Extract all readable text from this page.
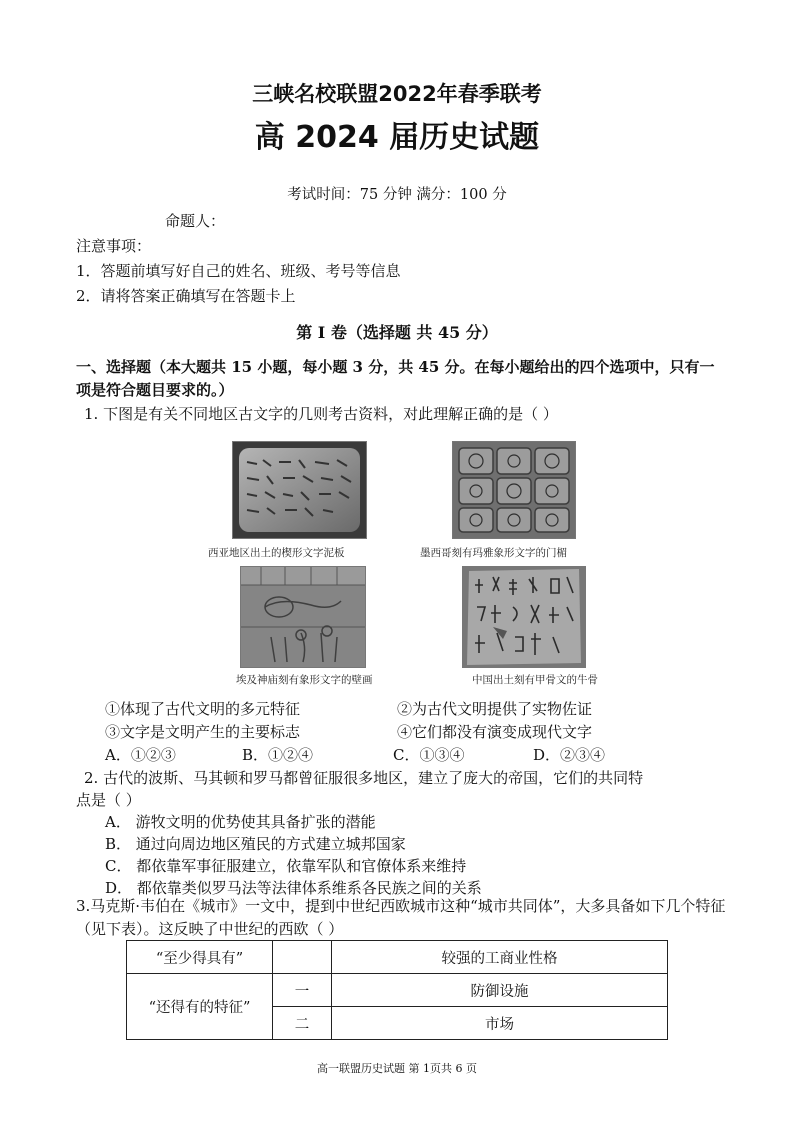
三峡名校联盟2022年春季联考
高 2024 届历史试题
考试时间：75 分钟 满分：100 分
命题人：
注意事项：
1．答题前填写好自己的姓名、班级、考号等信息
2．请将答案正确填写在答题卡上
第 I 卷（选择题 共 45 分）
一、选择题（本大题共 15 小题，每小题 3 分，共 45 分。在每小题给出的四个选项中，只有一项是符合题目要求的。）
1. 下图是有关不同地区古文字的几则考古资料，对此理解正确的是（ ）
西亚地区出土的楔形文字泥板	墨西哥刻有玛雅象形文字的门楣
埃及神庙刻有象形文字的壁画	中国出土刻有甲骨文的牛骨
①体现了古代文明的多元特征	②为古代文明提供了实物佐证
③文字是文明产生的主要标志	④它们都没有演变成现代文字
A．①②③	B．①②④	C．①③④	D．②③④
2. 古代的波斯、马其顿和罗马都曾征服很多地区，建立了庞大的帝国，它们的共同特
点是（ ）
A． 游牧文明的优势使其具备扩张的潜能
B． 通过向周边地区殖民的方式建立城邦国家
C． 都依靠军事征服建立，依靠军队和官僚体系来维持
D． 都依靠类似罗马法等法律体系维系各民族之间的关系
3.马克斯·韦伯在《城市》一文中，提到中世纪西欧城市这种“城市共同体”，大多具备如下几个特征（见下表）。这反映了中世纪的西欧（ ）
“至少得具有”		较强的工商业性格
“还得有的特征”	一	防御设施
	二	市场
高一联盟历史试题 第 1页共 6 页
